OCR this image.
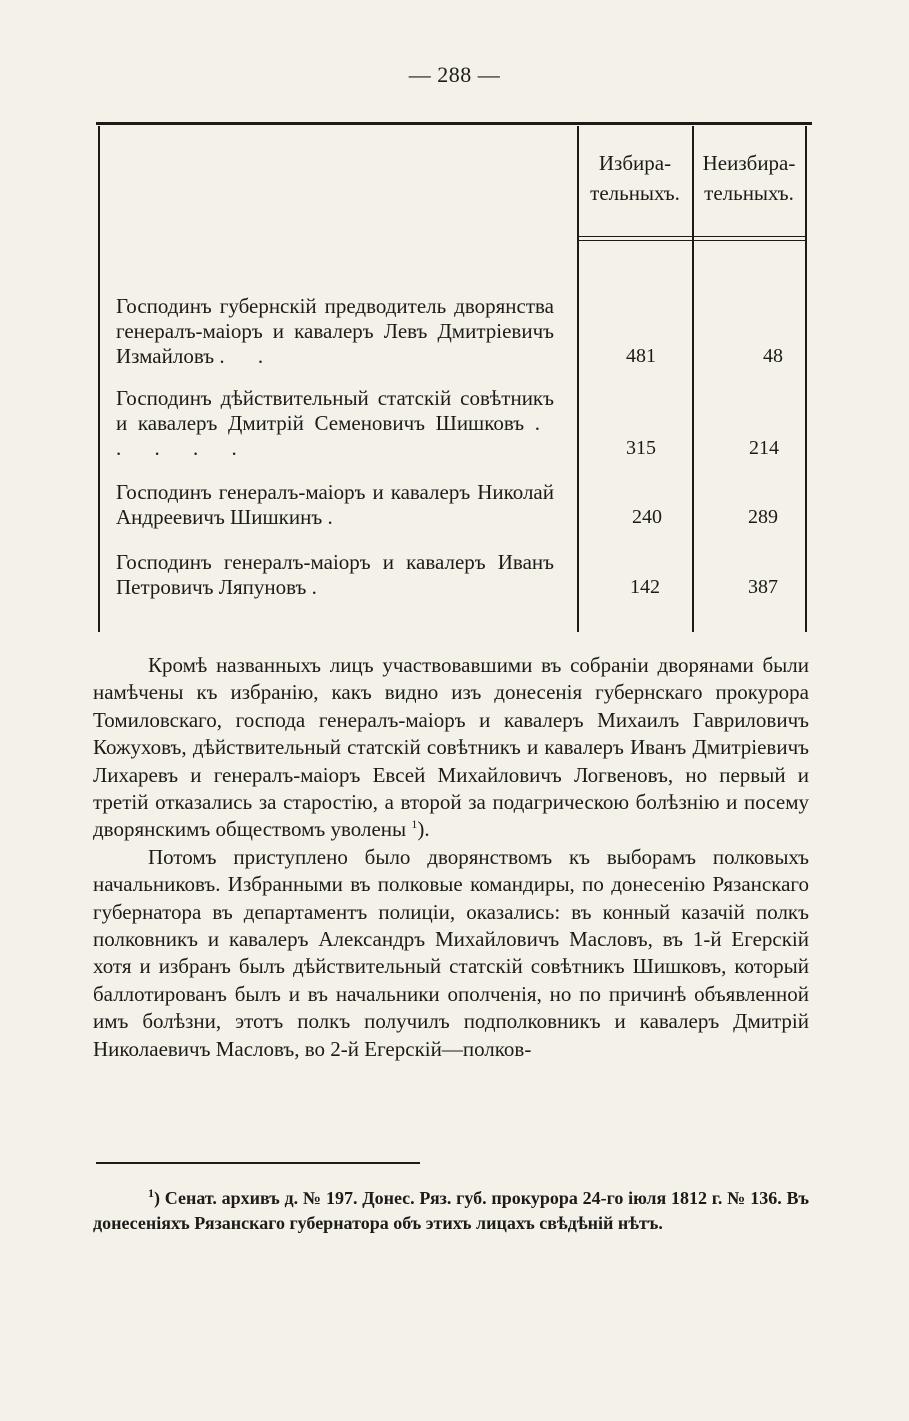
— 288 —
Избира-
тельныхъ.
Неизбира-
тельныхъ.
Господинъ губернскій предводитель дворянства генералъ-маіоръ и кавалеръ Левъ Дмитріевичъ Измайловъ . .	481	48
Господинъ дѣйствительный статскій совѣтникъ и кавалеръ Дмитрій Семеновичъ Шишковъ . . . . .	315	214
Господинъ генералъ-маіоръ и кавалеръ Николай Андреевичъ Шишкинъ .	240	289
Господинъ генералъ-маіоръ и кавалеръ Иванъ Петровичъ Ляпуновъ .	142	387

Кромѣ названныхъ лицъ участвовавшими въ собраніи дворянами были намѣчены къ избранію, какъ видно изъ донесенія губернскаго прокурора Томиловскаго, господа генералъ-маіоръ и кавалеръ Михаилъ Гавриловичъ Кожуховъ, дѣйствительный статскій совѣтникъ и кавалеръ Иванъ Дмитріевичъ Лихаревъ и генералъ-маіоръ Евсей Михайловичъ Логвеновъ, но первый и третій отказались за старостію, а второй за подагрическою болѣзнію и посему дворянскимъ обществомъ уволены $^1$).

Потомъ приступлено было дворянствомъ къ выборамъ полковыхъ начальниковъ. Избранными въ полковые командиры, по донесенію Рязанскаго губернатора въ департаментъ полиціи, оказались: въ конный казачій полкъ полковникъ и кавалеръ Александръ Михайловичъ Масловъ, въ 1-й Егерскій хотя и избранъ былъ дѣйствительный статскій совѣтникъ Шишковъ, который баллотированъ былъ и въ начальники ополченія, но по причинѣ объявленной имъ болѣзни, этотъ полкъ получилъ подполковникъ и кавалеръ Дмитрій Николаевичъ Масловъ, во 2-й Егерскій—полков-

$^1$) Сенат. архивъ д. № 197. Донес. Ряз. губ. прокурора 24-го іюля 1812 г. № 136. Въ донесеніяхъ Рязанскаго губернатора объ этихъ лицахъ свѣдѣній нѣтъ.
